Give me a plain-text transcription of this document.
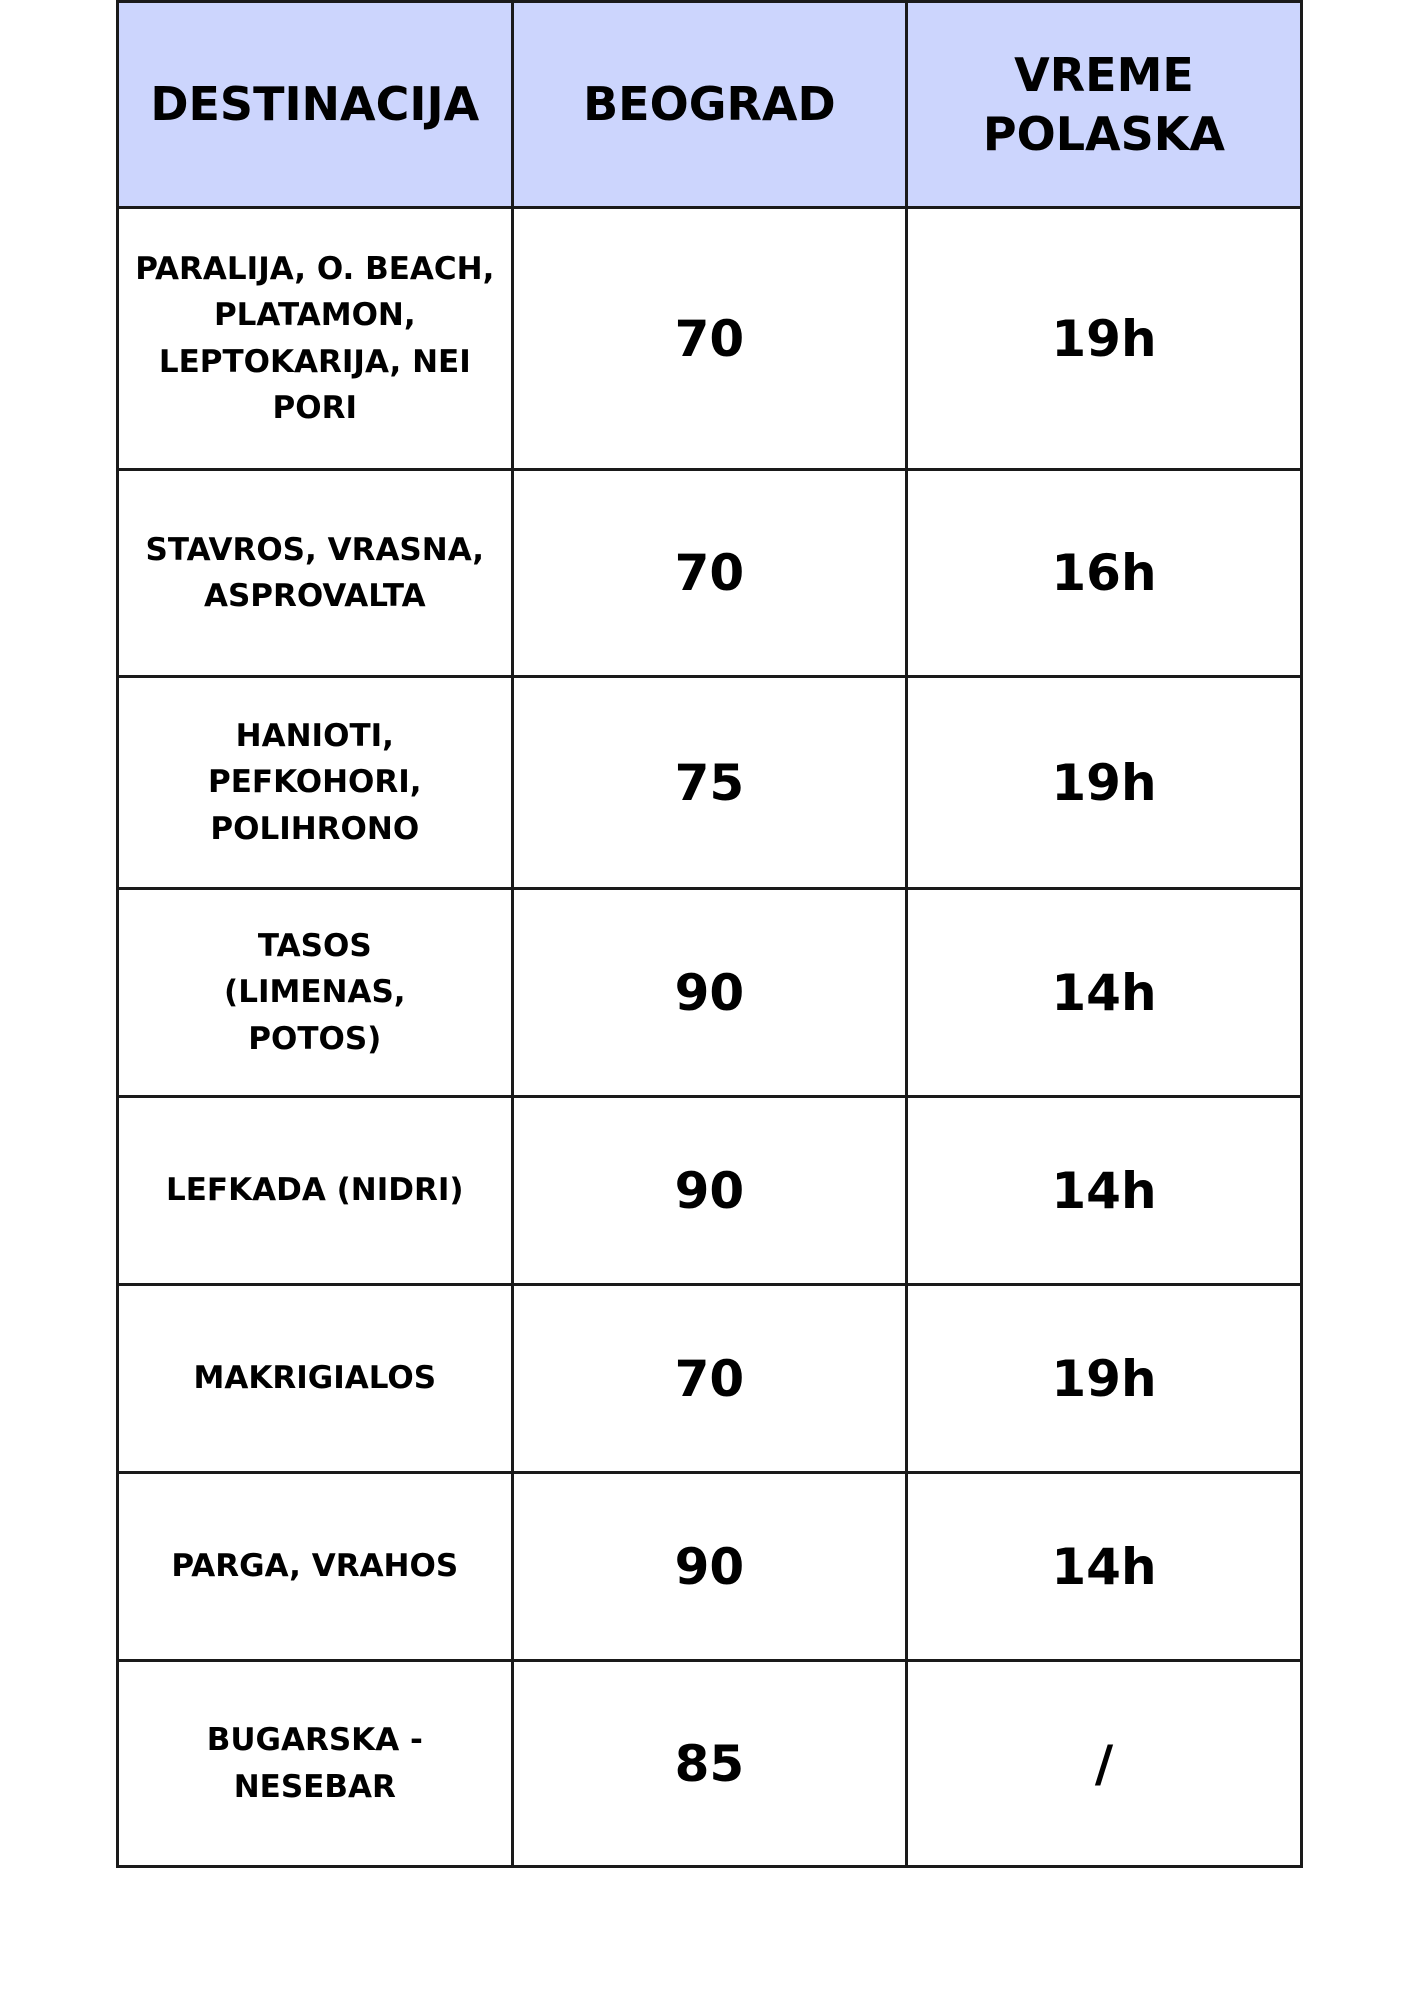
DESTINACIJA	BEOGRAD	VREME POLASKA
PARALIJA, O. BEACH, PLATAMON, LEPTOKARIJA, NEI PORI	70	19h
STAVROS, VRASNA, ASPROVALTA	70	16h
HANIOTI, PEFKOHORI, POLIHRONO	75	19h
TASOS (LIMENAS, POTOS)	90	14h
LEFKADA (NIDRI)	90	14h
MAKRIGIALOS	70	19h
PARGA, VRAHOS	90	14h
BUGARSKA - NESEBAR	85	/
